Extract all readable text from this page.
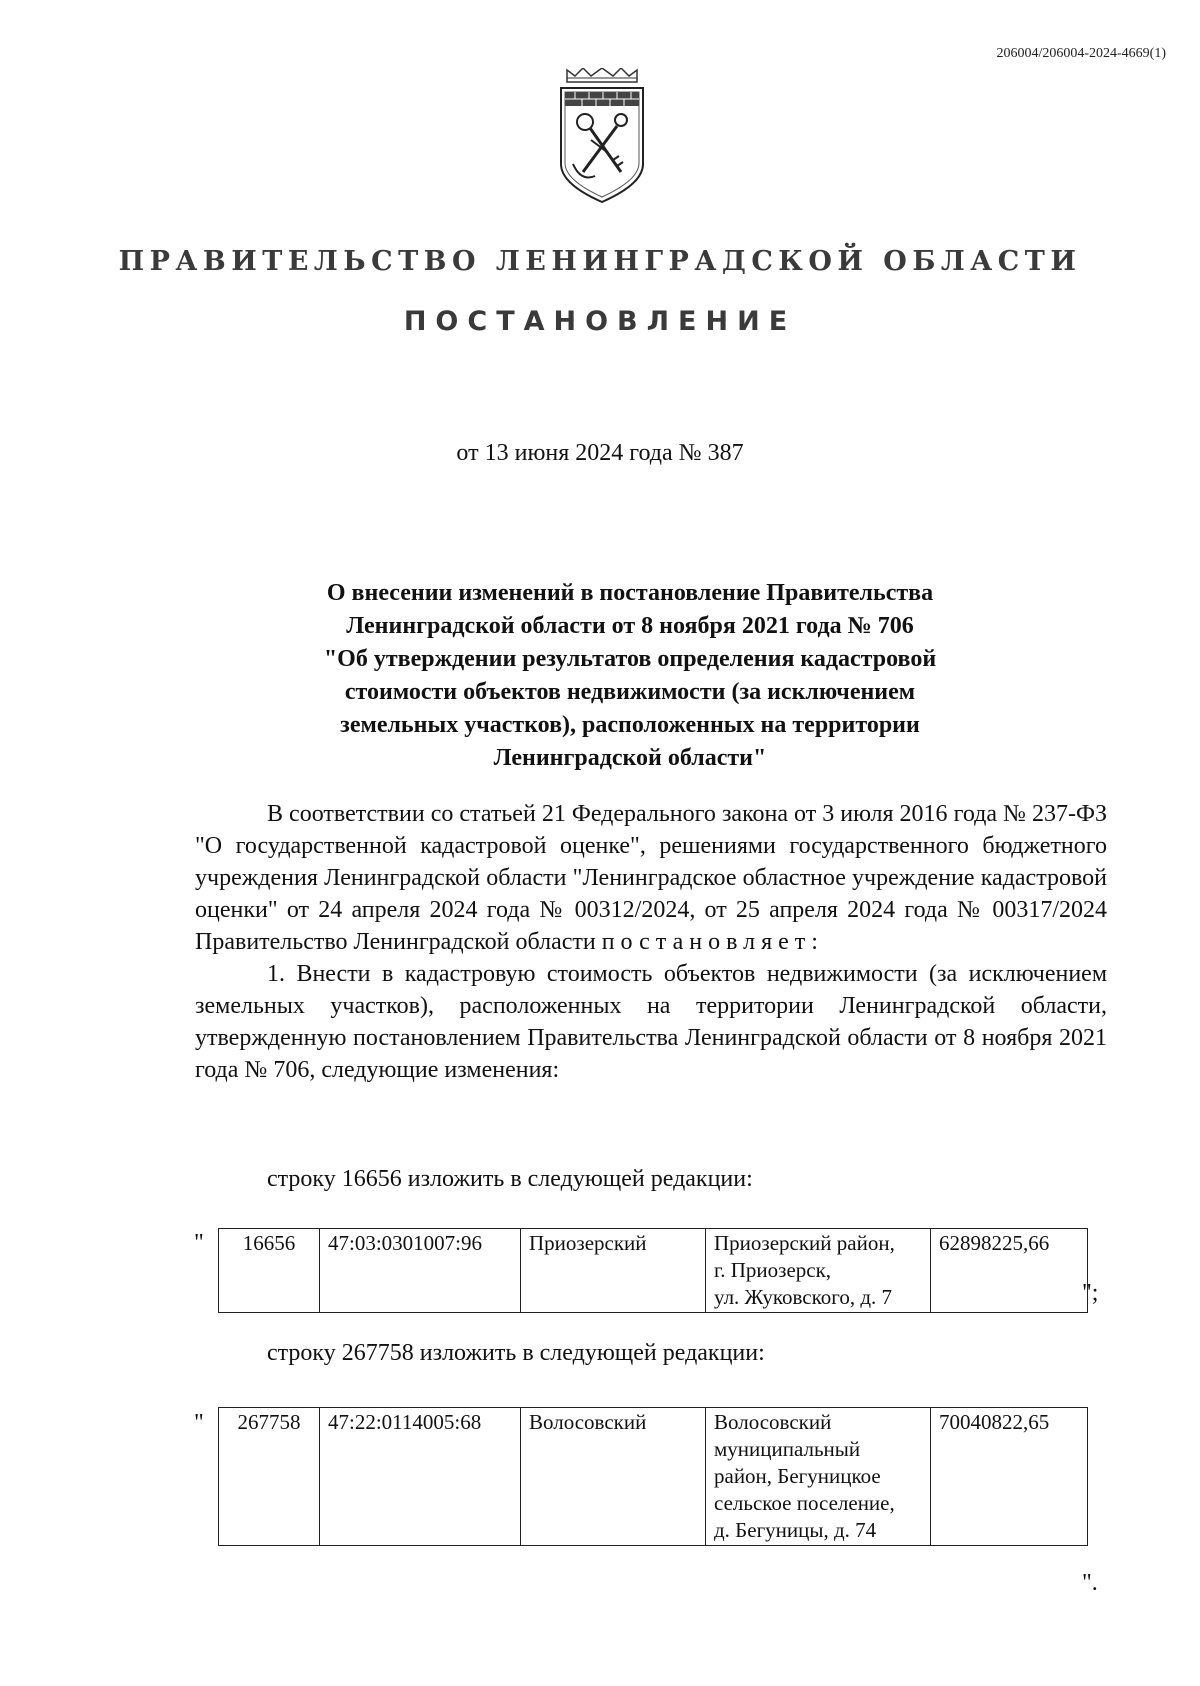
206004/206004-2024-4669(1)
ПРАВИТЕЛЬСТВО ЛЕНИНГРАДСКОЙ ОБЛАСТИ
ПОСТАНОВЛЕНИЕ
от 13 июня 2024 года № 387
О внесении изменений в постановление Правительства
Ленинградской области от 8 ноября 2021 года № 706
"Об утверждении результатов определения кадастровой
стоимости объектов недвижимости (за исключением
земельных участков), расположенных на территории
Ленинградской области"

В соответствии со статьей 21 Федерального закона от 3 июля 2016 года № 237-ФЗ "О государственной кадастровой оценке", решениями государственного бюджетного учреждения Ленинградской области "Ленинградское областное учреждение кадастровой оценки" от 24 апреля 2024 года № 00312/2024, от 25 апреля 2024 года № 00317/2024 Правительство Ленинградской области постановляет:

1. Внести в кадастровую стоимость объектов недвижимости (за исключением земельных участков), расположенных на территории Ленинградской области, утвержденную постановлением Правительства Ленинградской области от 8 ноября 2021 года № 706, следующие изменения:

строку 16656 изложить в следующей редакции:
" 16656	47:03:0301007:96	Приозерский	Приозерский район,
г. Приозерск,
ул. Жуковского, д. 7
	62898225,66
";
строку 267758 изложить в следующей редакции:
" 267758	47:22:0114005:68	Волосовский	Волосовский
муниципальный
район, Бегуницкое
сельское поселение,
д. Бегуницы, д. 74
	70040822,65
".
